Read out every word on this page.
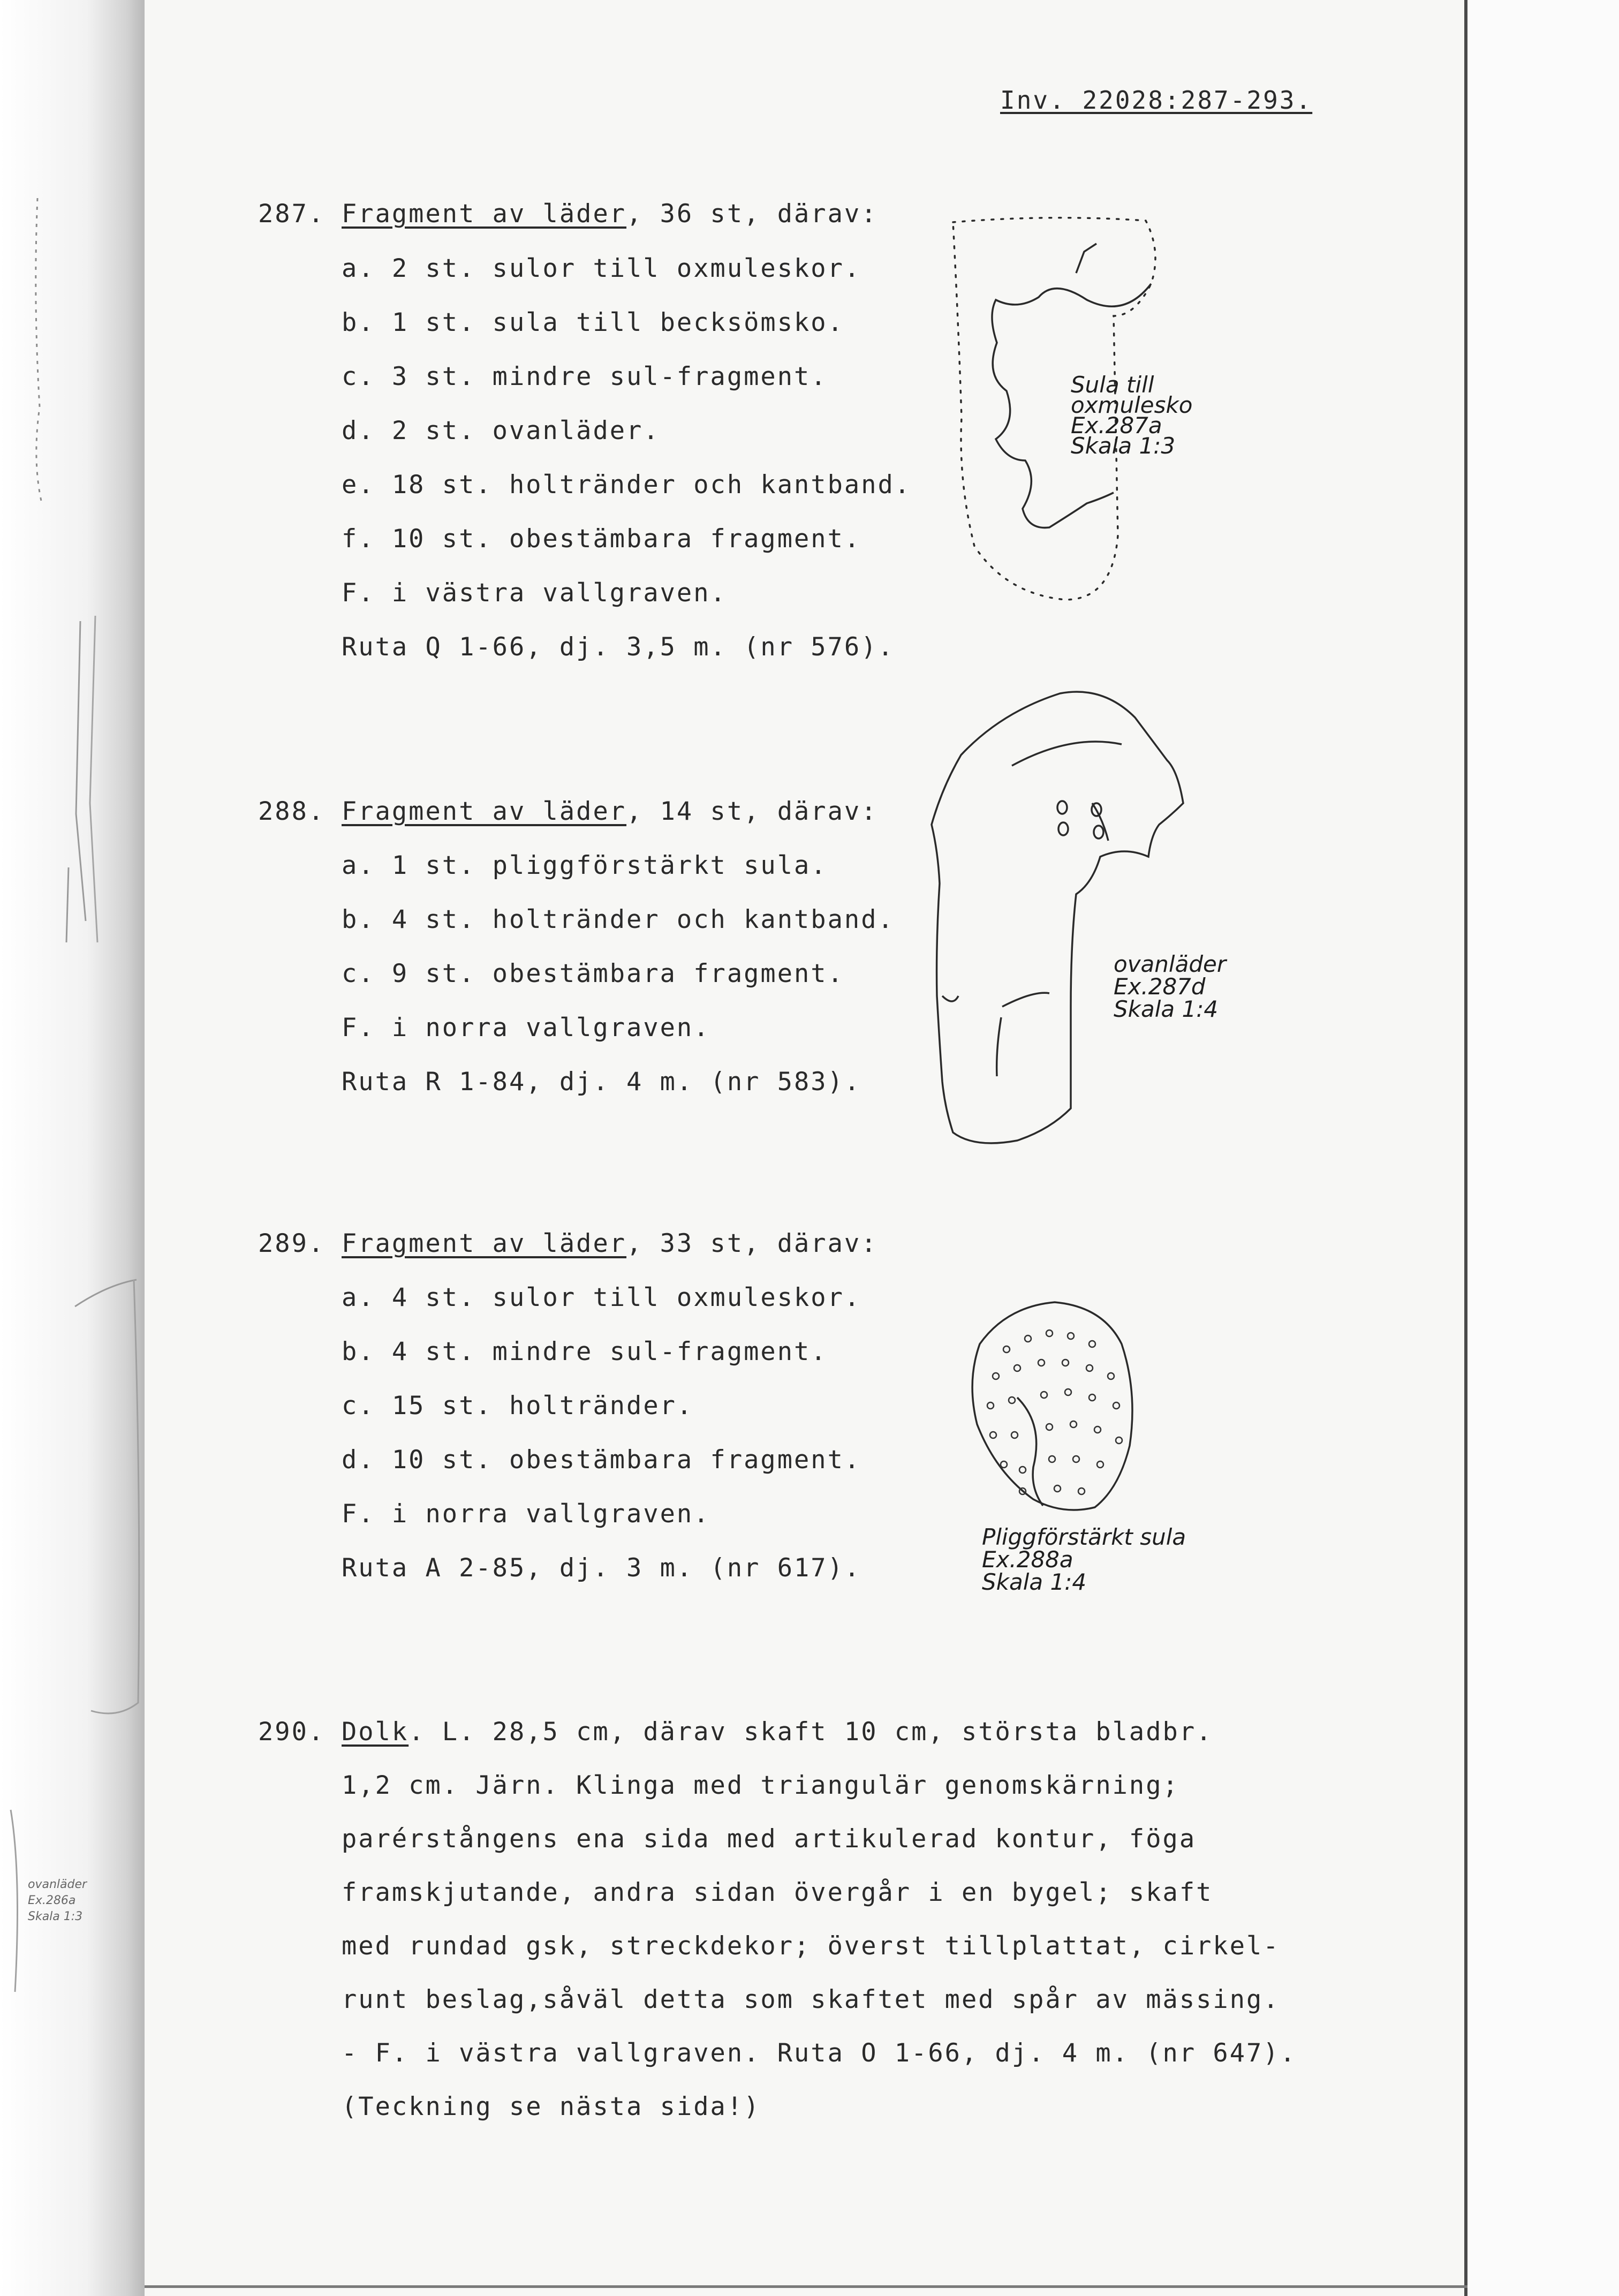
Inv. 22028:287-293.
287. Fragment av läder, 36 st, därav:
a. 2 st. sulor till oxmuleskor.
b. 1 st. sula till becksömsko.
c. 3 st. mindre sul-fragment.
d. 2 st. ovanläder.
e. 18 st. holtränder och kantband.
f. 10 st. obestämbara fragment.
F. i västra vallgraven.
Ruta Q 1-66, dj. 3,5 m. (nr 576).
Sula till
oxmulesko
Ex.287a
Skala 1:3
288. Fragment av läder, 14 st, därav:
a. 1 st. pliggförstärkt sula.
b. 4 st. holtränder och kantband.
c. 9 st. obestämbara fragment.
F. i norra vallgraven.
Ruta R 1-84, dj. 4 m. (nr 583).
ovanläder
Ex.287d
Skala 1:4
289. Fragment av läder, 33 st, därav:
a. 4 st. sulor till oxmuleskor.
b. 4 st. mindre sul-fragment.
c. 15 st. holtränder.
d. 10 st. obestämbara fragment.
F. i norra vallgraven.
Ruta A 2-85, dj. 3 m. (nr 617).
Pliggförstärkt sula
Ex.288a
Skala 1:4
290. Dolk. L. 28,5 cm, därav skaft 10 cm, största bladbr.
1,2 cm. Järn. Klinga med triangulär genomskärning;
parérstångens ena sida med artikulerad kontur, föga
framskjutande, andra sidan övergår i en bygel; skaft
med rundad gsk, streckdekor; överst tillplattat, cirkel-
runt beslag,såväl detta som skaftet med spår av mässing.
- F. i västra vallgraven. Ruta O 1-66, dj. 4 m. (nr 647).
(Teckning se nästa sida!)
ovanläder
Ex.286a
Skala 1:3
